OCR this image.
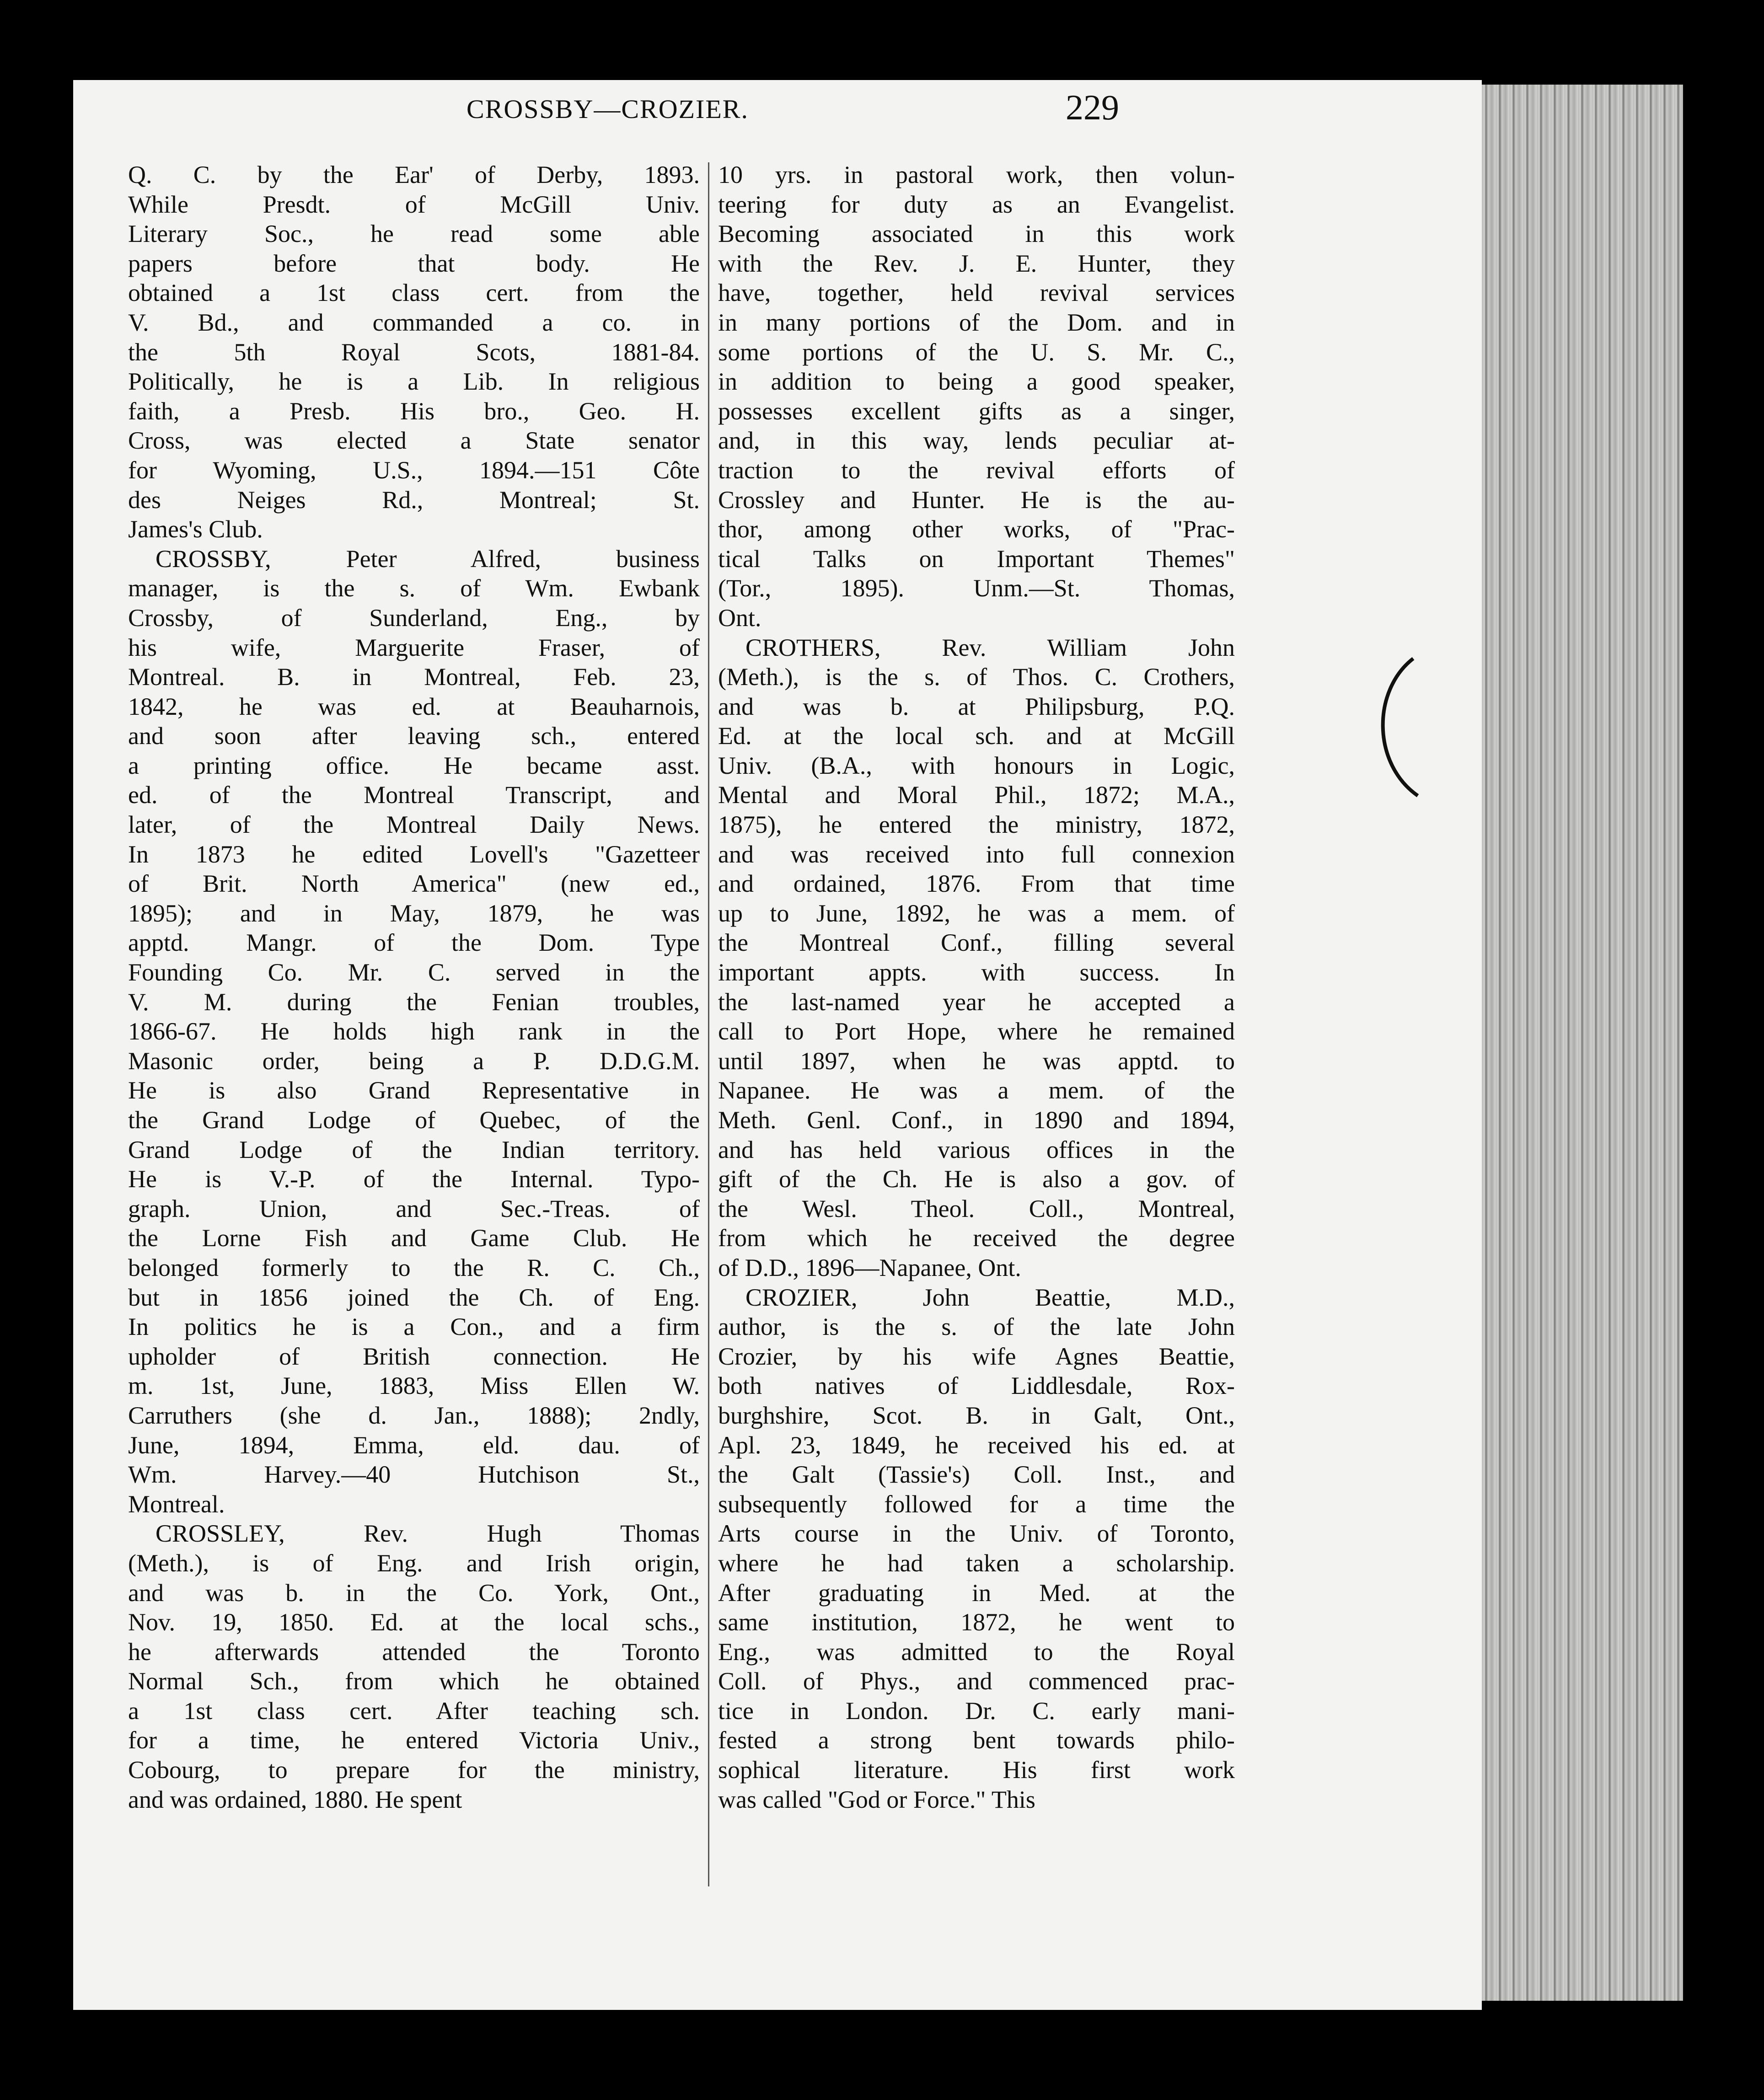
CROSSBY—CROZIER.	229
Q. C. by the Ear' of Derby, 1893.
While Presdt. of McGill Univ.
Literary Soc., he read some able
papers before that body. He
obtained a 1st class cert. from the
V. Bd., and commanded a co. in
the 5th Royal Scots, 1881-84.
Politically, he is a Lib. In religious
faith, a Presb. His bro., Geo. H.
Cross, was elected a State senator
for Wyoming, U.S., 1894.—151 Côte
des Neiges Rd., Montreal; St.
James's Club.
CROSSBY, Peter Alfred, business
manager, is the s. of Wm. Ewbank
Crossby, of Sunderland, Eng., by
his wife, Marguerite Fraser, of
Montreal. B. in Montreal, Feb. 23,
1842, he was ed. at Beauharnois,
and soon after leaving sch., entered
a printing office. He became asst.
ed. of the Montreal Transcript, and
later, of the Montreal Daily News.
In 1873 he edited Lovell's "Gazetteer
of Brit. North America" (new ed.,
1895); and in May, 1879, he was
apptd. Mangr. of the Dom. Type
Founding Co. Mr. C. served in the
V. M. during the Fenian troubles,
1866-67. He holds high rank in the
Masonic order, being a P. D.D.G.M.
He is also Grand Representative in
the Grand Lodge of Quebec, of the
Grand Lodge of the Indian territory.
He is V.-P. of the Internal. Typo-
graph. Union, and Sec.-Treas. of
the Lorne Fish and Game Club. He
belonged formerly to the R. C. Ch.,
but in 1856 joined the Ch. of Eng.
In politics he is a Con., and a firm
upholder of British connection. He
m. 1st, June, 1883, Miss Ellen W.
Carruthers (she d. Jan., 1888); 2ndly,
June, 1894, Emma, eld. dau. of
Wm. Harvey.—40 Hutchison St.,
Montreal.
CROSSLEY, Rev. Hugh Thomas
(Meth.), is of Eng. and Irish origin,
and was b. in the Co. York, Ont.,
Nov. 19, 1850. Ed. at the local schs.,
he afterwards attended the Toronto
Normal Sch., from which he obtained
a 1st class cert. After teaching sch.
for a time, he entered Victoria Univ.,
Cobourg, to prepare for the ministry,
and was ordained, 1880. He spent
10 yrs. in pastoral work, then volun-
teering for duty as an Evangelist.
Becoming associated in this work
with the Rev. J. E. Hunter, they
have, together, held revival services
in many portions of the Dom. and in
some portions of the U. S. Mr. C.,
in addition to being a good speaker,
possesses excellent gifts as a singer,
and, in this way, lends peculiar at-
traction to the revival efforts of
Crossley and Hunter. He is the au-
thor, among other works, of "Prac-
tical Talks on Important Themes"
(Tor., 1895). Unm.—St. Thomas,
Ont.
CROTHERS, Rev. William John
(Meth.), is the s. of Thos. C. Crothers,
and was b. at Philipsburg, P.Q.
Ed. at the local sch. and at McGill
Univ. (B.A., with honours in Logic,
Mental and Moral Phil., 1872; M.A.,
1875), he entered the ministry, 1872,
and was received into full connexion
and ordained, 1876. From that time
up to June, 1892, he was a mem. of
the Montreal Conf., filling several
important appts. with success. In
the last-named year he accepted a
call to Port Hope, where he remained
until 1897, when he was apptd. to
Napanee. He was a mem. of the
Meth. Genl. Conf., in 1890 and 1894,
and has held various offices in the
gift of the Ch. He is also a gov. of
the Wesl. Theol. Coll., Montreal,
from which he received the degree
of D.D., 1896—Napanee, Ont.
CROZIER, John Beattie, M.D.,
author, is the s. of the late John
Crozier, by his wife Agnes Beattie,
both natives of Liddlesdale, Rox-
burghshire, Scot. B. in Galt, Ont.,
Apl. 23, 1849, he received his ed. at
the Galt (Tassie's) Coll. Inst., and
subsequently followed for a time the
Arts course in the Univ. of Toronto,
where he had taken a scholarship.
After graduating in Med. at the
same institution, 1872, he went to
Eng., was admitted to the Royal
Coll. of Phys., and commenced prac-
tice in London. Dr. C. early mani-
fested a strong bent towards philo-
sophical literature. His first work
was called "God or Force." This
